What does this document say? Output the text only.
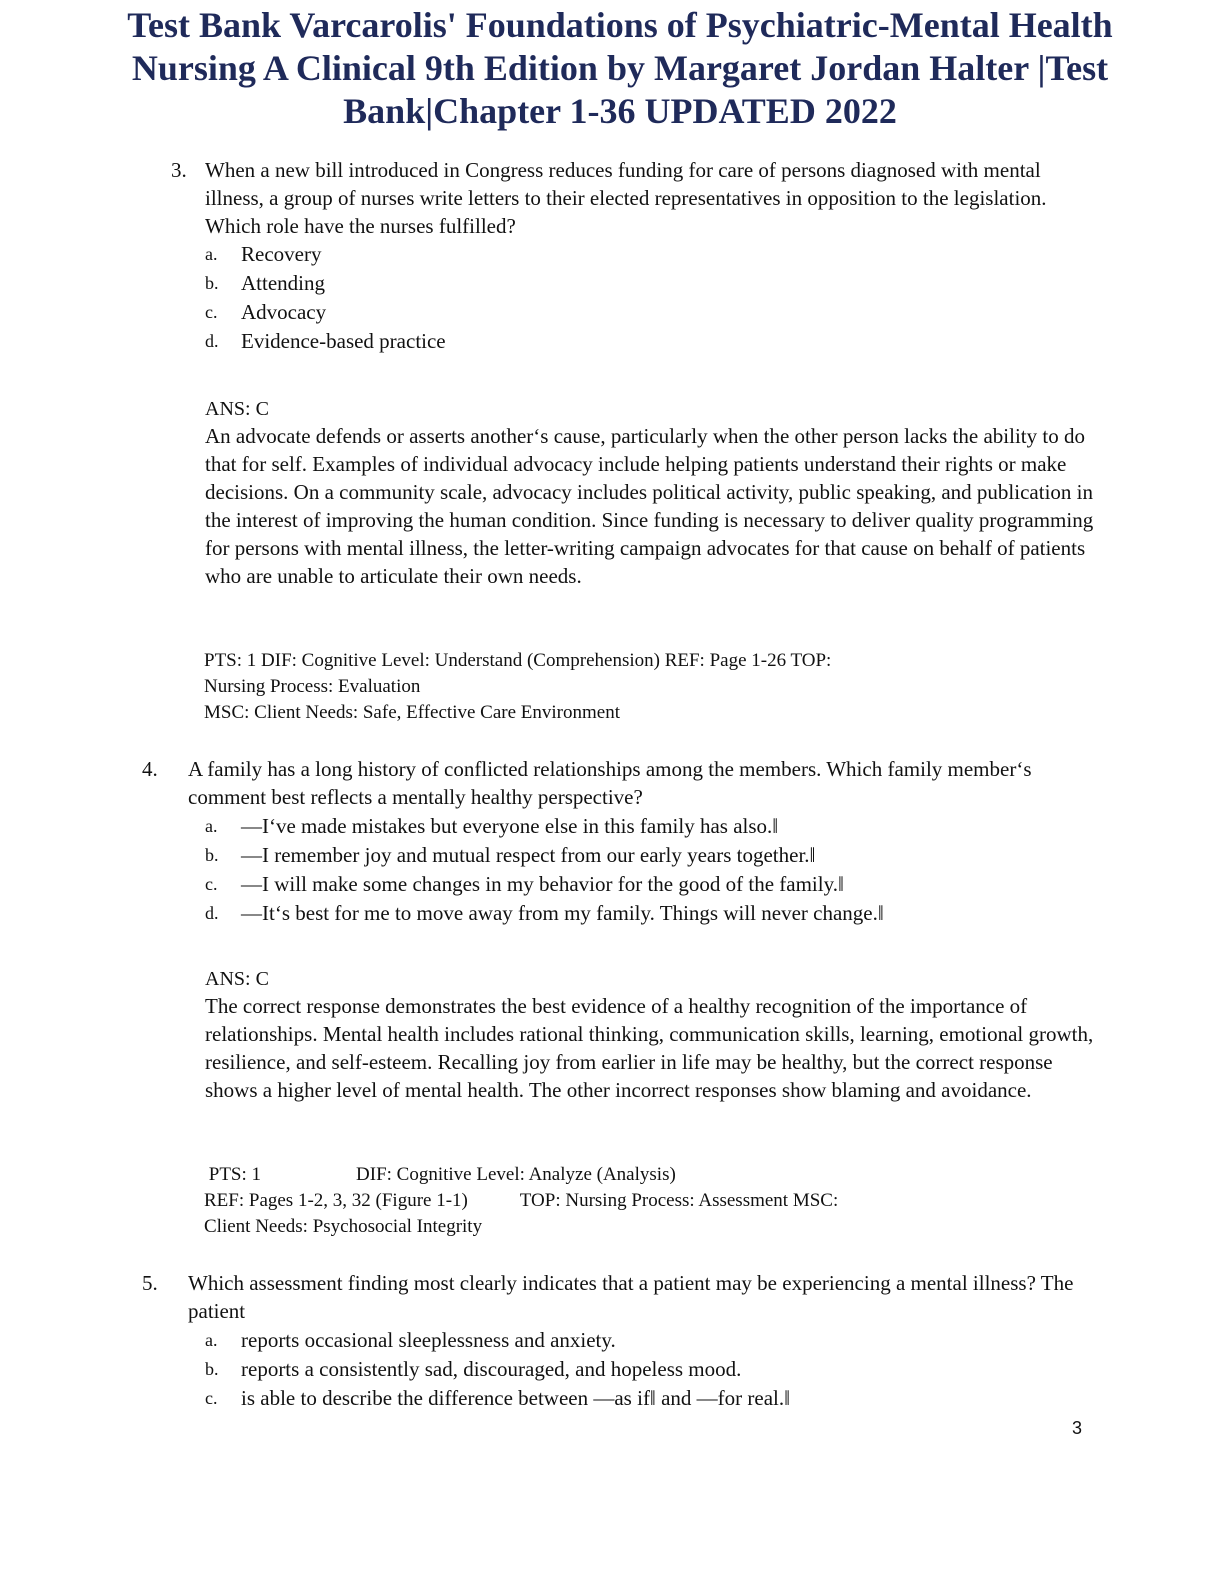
Test Bank Varcarolis' Foundations of Psychiatric-Mental Health Nursing A Clinical 9th Edition by Margaret Jordan Halter |Test Bank|Chapter 1-36 UPDATED 2022
3. When a new bill introduced in Congress reduces funding for care of persons diagnosed with mental illness, a group of nurses write letters to their elected representatives in opposition to the legislation. Which role have the nurses fulfilled?
a. Recovery
b. Attending
c. Advocacy
d. Evidence-based practice
ANS: C
An advocate defends or asserts another‘s cause, particularly when the other person lacks the ability to do that for self. Examples of individual advocacy include helping patients understand their rights or make decisions. On a community scale, advocacy includes political activity, public speaking, and publication in the interest of improving the human condition. Since funding is necessary to deliver quality programming for persons with mental illness, the letter-writing campaign advocates for that cause on behalf of patients who are unable to articulate their own needs.
PTS: 1 DIF: Cognitive Level: Understand (Comprehension) REF: Page 1-26 TOP:
Nursing Process: Evaluation
MSC: Client Needs: Safe, Effective Care Environment
4. A family has a long history of conflicted relationships among the members. Which family member‘s comment best reflects a mentally healthy perspective?
a. ―I‘ve made mistakes but everyone else in this family has also.‖
b. ―I remember joy and mutual respect from our early years together.‖
c. ―I will make some changes in my behavior for the good of the family.‖
d. ―It‘s best for me to move away from my family. Things will never change.‖
ANS: C
The correct response demonstrates the best evidence of a healthy recognition of the importance of relationships. Mental health includes rational thinking, communication skills, learning, emotional growth, resilience, and self-esteem. Recalling joy from earlier in life may be healthy, but the correct response shows a higher level of mental health. The other incorrect responses show blaming and avoidance.
PTS: 1                    DIF: Cognitive Level: Analyze (Analysis)
REF: Pages 1-2, 3, 32 (Figure 1-1)           TOP: Nursing Process: Assessment MSC:
Client Needs: Psychosocial Integrity
5. Which assessment finding most clearly indicates that a patient may be experiencing a mental illness? The patient
a. reports occasional sleeplessness and anxiety.
b. reports a consistently sad, discouraged, and hopeless mood.
c. is able to describe the difference between ―as if‖ and ―for real.‖
3
